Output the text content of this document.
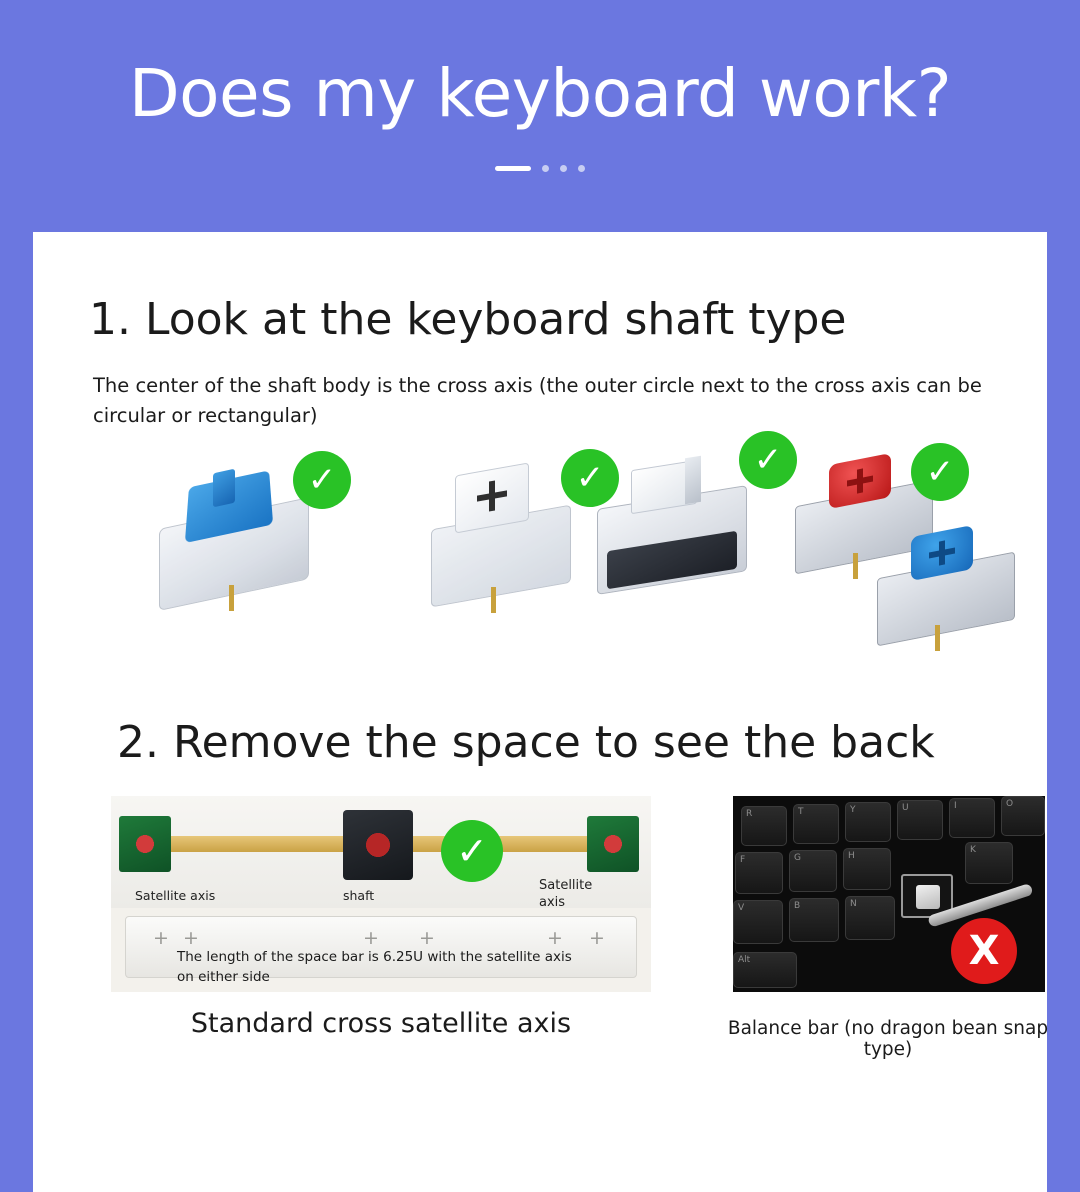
Does my keyboard work?
1. Look at the keyboard shaft type

The center of the shaft body is the cross axis (the outer circle next to the cross axis can be circular or rectangular)

✓	✓	✓	✓
2. Remove the space to see the back
✓
Satellite axis	shaft
Satellite axis
+ +	+ +	+ +
The length of the space bar is 6.25U with the satellite axis on either side
R	T	Y	U	I	O
F	G	H
K
V	B	N
Alt	X
Standard cross satellite axis	Balance bar (no dragon bean snap type)
